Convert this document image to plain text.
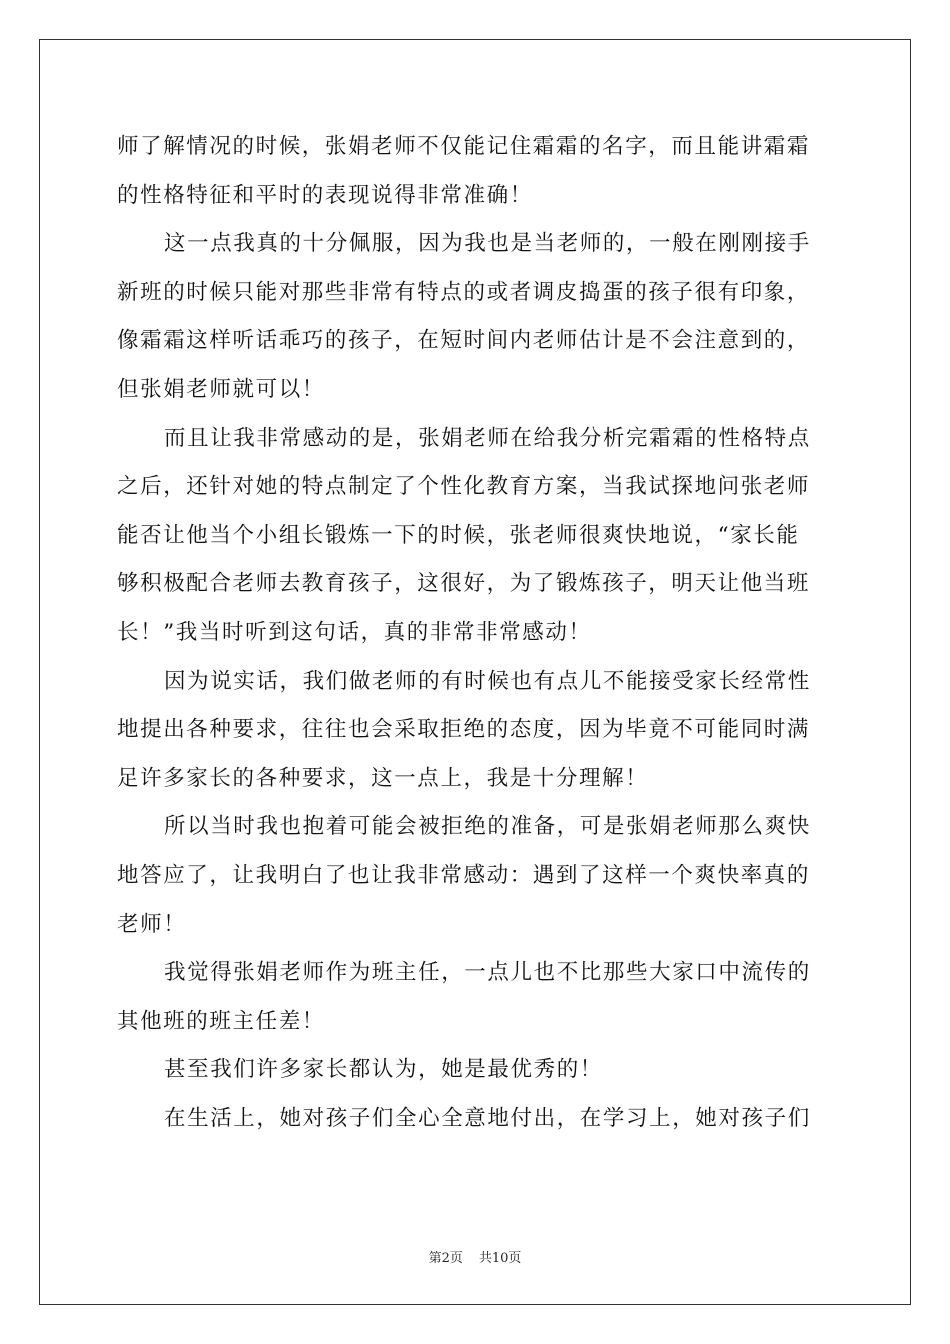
师了解情况的时候，张娟老师不仅能记住霜霜的名字，而且能讲霜霜
的性格特征和平时的表现说得非常准确！
这一点我真的十分佩服，因为我也是当老师的，一般在刚刚接手
新班的时候只能对那些非常有特点的或者调皮捣蛋的孩子很有印象，
像霜霜这样听话乖巧的孩子，在短时间内老师估计是不会注意到的，
但张娟老师就可以！
而且让我非常感动的是，张娟老师在给我分析完霜霜的性格特点
之后，还针对她的特点制定了个性化教育方案，当我试探地问张老师
能否让他当个小组长锻炼一下的时候，张老师很爽快地说，“家长能
够积极配合老师去教育孩子，这很好，为了锻炼孩子，明天让他当班
长！”我当时听到这句话，真的非常非常感动！
因为说实话，我们做老师的有时候也有点儿不能接受家长经常性
地提出各种要求，往往也会采取拒绝的态度，因为毕竟不可能同时满
足许多家长的各种要求，这一点上，我是十分理解！
所以当时我也抱着可能会被拒绝的准备，可是张娟老师那么爽快
地答应了，让我明白了也让我非常感动：遇到了这样一个爽快率真的
老师！
我觉得张娟老师作为班主任，一点儿也不比那些大家口中流传的
其他班的班主任差！
甚至我们许多家长都认为，她是最优秀的！
在生活上，她对孩子们全心全意地付出，在学习上，她对孩子们
第2页 共10页
